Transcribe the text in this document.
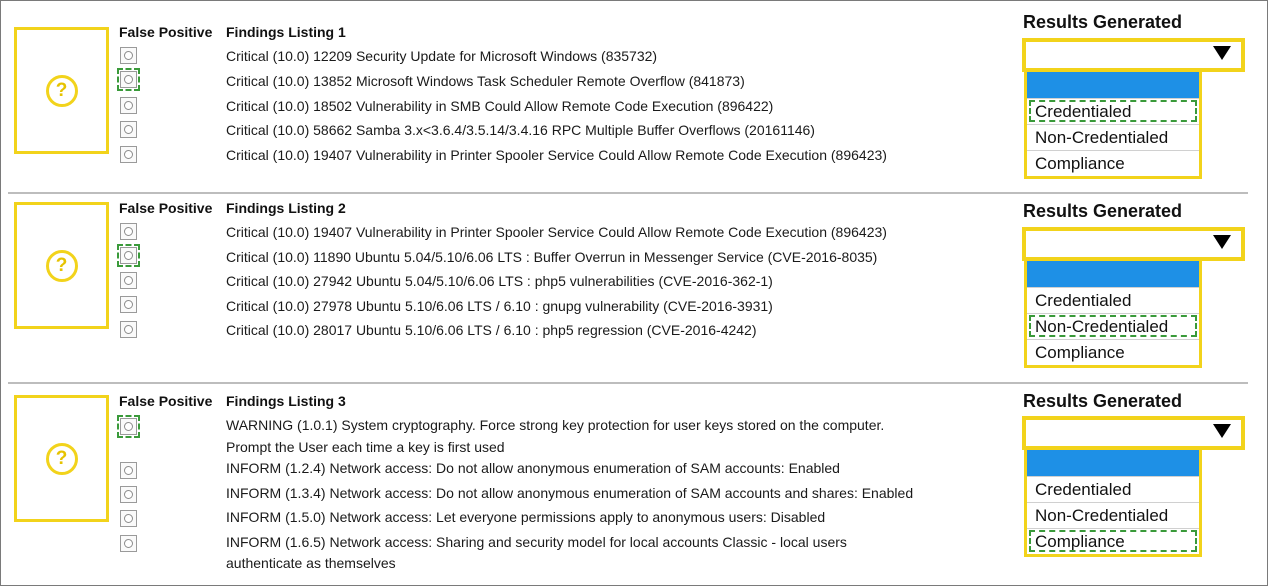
?
False Positive Findings Listing 1
Critical (10.0) 12209 Security Update for Microsoft Windows (835732)
Critical (10.0) 13852 Microsoft Windows Task Scheduler Remote Overflow (841873)
Critical (10.0) 18502 Vulnerability in SMB Could Allow Remote Code Execution (896422)
Critical (10.0) 58662 Samba 3.x<3.6.4/3.5.14/3.4.16 RPC Multiple Buffer Overflows (20161146)
Critical (10.0) 19407 Vulnerability in Printer Spooler Service Could Allow Remote Code Execution (896423)
Results Generated
Credentialed
Non-Credentialed
Compliance
?
False Positive Findings Listing 2
Critical (10.0) 19407 Vulnerability in Printer Spooler Service Could Allow Remote Code Execution (896423)
Critical (10.0) 11890 Ubuntu 5.04/5.10/6.06 LTS : Buffer Overrun in Messenger Service (CVE-2016-8035)
Critical (10.0) 27942 Ubuntu 5.04/5.10/6.06 LTS : php5 vulnerabilities (CVE-2016-362-1)
Critical (10.0) 27978 Ubuntu 5.10/6.06 LTS / 6.10 : gnupg vulnerability (CVE-2016-3931)
Critical (10.0) 28017 Ubuntu 5.10/6.06 LTS / 6.10 : php5 regression (CVE-2016-4242)
Results Generated
Credentialed
Non-Credentialed
Compliance
?
False Positive Findings Listing 3
WARNING (1.0.1) System cryptography. Force strong key protection for user keys stored on the computer.
Prompt the User each time a key is first used
INFORM (1.2.4) Network access: Do not allow anonymous enumeration of SAM accounts: Enabled
INFORM (1.3.4) Network access: Do not allow anonymous enumeration of SAM accounts and shares: Enabled
INFORM (1.5.0) Network access: Let everyone permissions apply to anonymous users: Disabled
INFORM (1.6.5) Network access: Sharing and security model for local accounts Classic - local users
authenticate as themselves
Results Generated
Credentialed
Non-Credentialed
Compliance
